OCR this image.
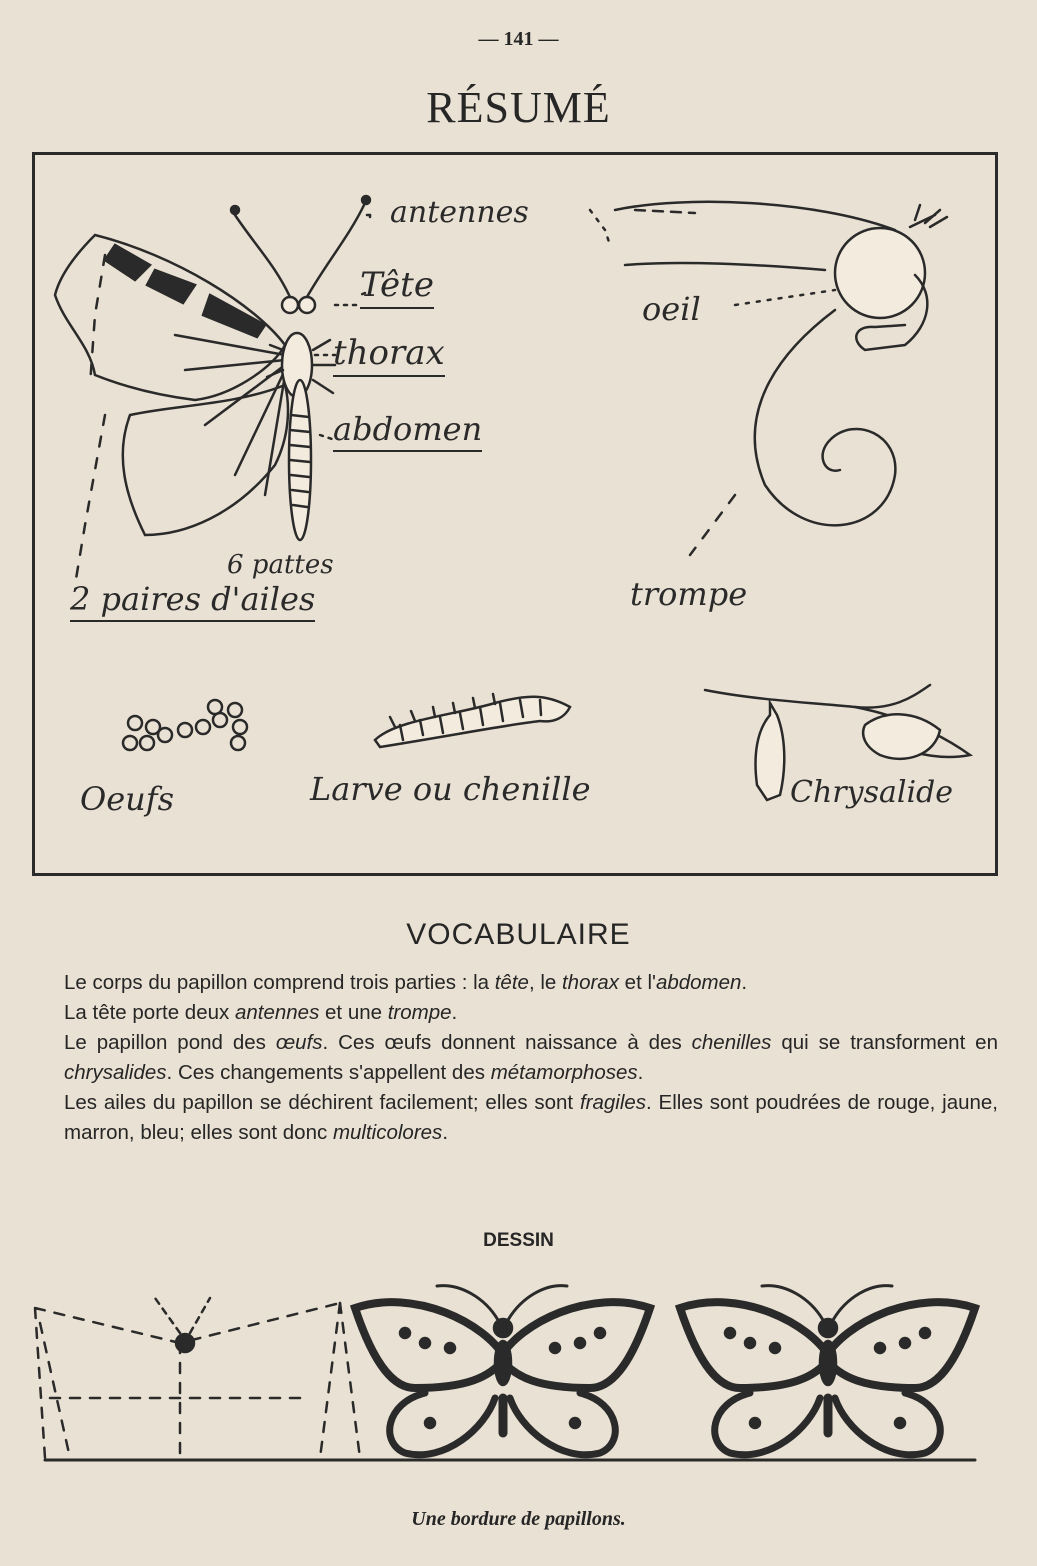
— 141 —
RÉSUMÉ
antennes
Tête
thorax
abdomen
6 pattes
2 paires d'ailes
oeil
trompe
Oeufs	Larve ou chenille	Chrysalide
VOCABULAIRE

Le corps du papillon comprend trois parties : la tête, le thorax et l'abdomen.

La tête porte deux antennes et une trompe.

Le papillon pond des œufs. Ces œufs donnent naissance à des chenilles qui se transforment en chrysalides. Ces changements s'appellent des métamorphoses.

Les ailes du papillon se déchirent facilement; elles sont fragiles. Elles sont poudrées de rouge, jaune, marron, bleu; elles sont donc multicolores.

DESSIN
Une bordure de papillons.
